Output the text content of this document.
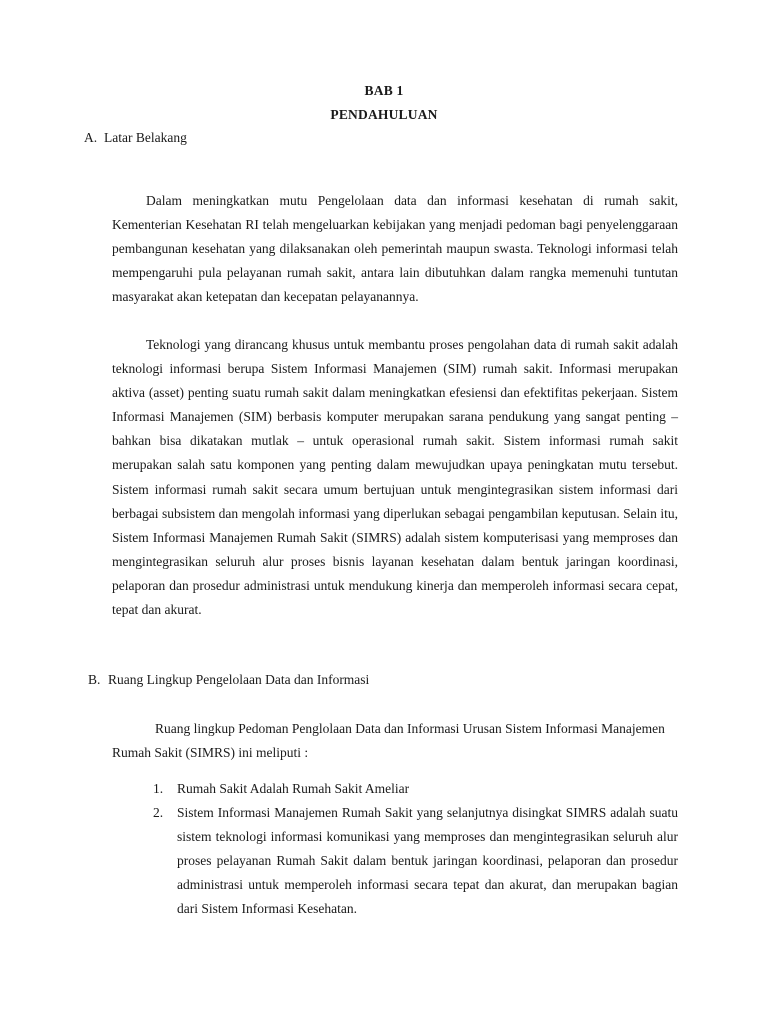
BAB 1
PENDAHULUAN
A. Latar Belakang
Dalam meningkatkan mutu Pengelolaan data dan informasi kesehatan di rumah sakit, Kementerian Kesehatan RI telah mengeluarkan kebijakan yang menjadi pedoman bagi penyelenggaraan pembangunan kesehatan yang dilaksanakan oleh pemerintah maupun swasta. Teknologi informasi telah mempengaruhi pula pelayanan rumah sakit, antara lain dibutuhkan dalam rangka memenuhi tuntutan masyarakat akan ketepatan dan kecepatan pelayanannya.
Teknologi yang dirancang khusus untuk membantu proses pengolahan data di rumah sakit adalah teknologi informasi berupa Sistem Informasi Manajemen (SIM) rumah sakit. Informasi merupakan aktiva (asset) penting suatu rumah sakit dalam meningkatkan efesiensi dan efektifitas pekerjaan. Sistem Informasi Manajemen (SIM) berbasis komputer merupakan sarana pendukung yang sangat penting – bahkan bisa dikatakan mutlak – untuk operasional rumah sakit. Sistem informasi rumah sakit merupakan salah satu komponen yang penting dalam mewujudkan upaya peningkatan mutu tersebut. Sistem informasi rumah sakit secara umum bertujuan untuk mengintegrasikan sistem informasi dari berbagai subsistem dan mengolah informasi yang diperlukan sebagai pengambilan keputusan. Selain itu, Sistem Informasi Manajemen Rumah Sakit (SIMRS) adalah sistem komputerisasi yang memproses dan mengintegrasikan seluruh alur proses bisnis layanan kesehatan dalam bentuk jaringan koordinasi, pelaporan dan prosedur administrasi untuk mendukung kinerja dan memperoleh informasi secara cepat, tepat dan akurat.
B. Ruang Lingkup Pengelolaan Data dan Informasi
Ruang lingkup Pedoman Penglolaan Data dan Informasi Urusan Sistem Informasi Manajemen Rumah Sakit (SIMRS) ini meliputi :
1. Rumah Sakit Adalah Rumah Sakit Ameliar
2. Sistem Informasi Manajemen Rumah Sakit yang selanjutnya disingkat SIMRS adalah suatu sistem teknologi informasi komunikasi yang memproses dan mengintegrasikan seluruh alur proses pelayanan Rumah Sakit dalam bentuk jaringan koordinasi, pelaporan dan prosedur administrasi untuk memperoleh informasi secara tepat dan akurat, dan merupakan bagian dari Sistem Informasi Kesehatan.
